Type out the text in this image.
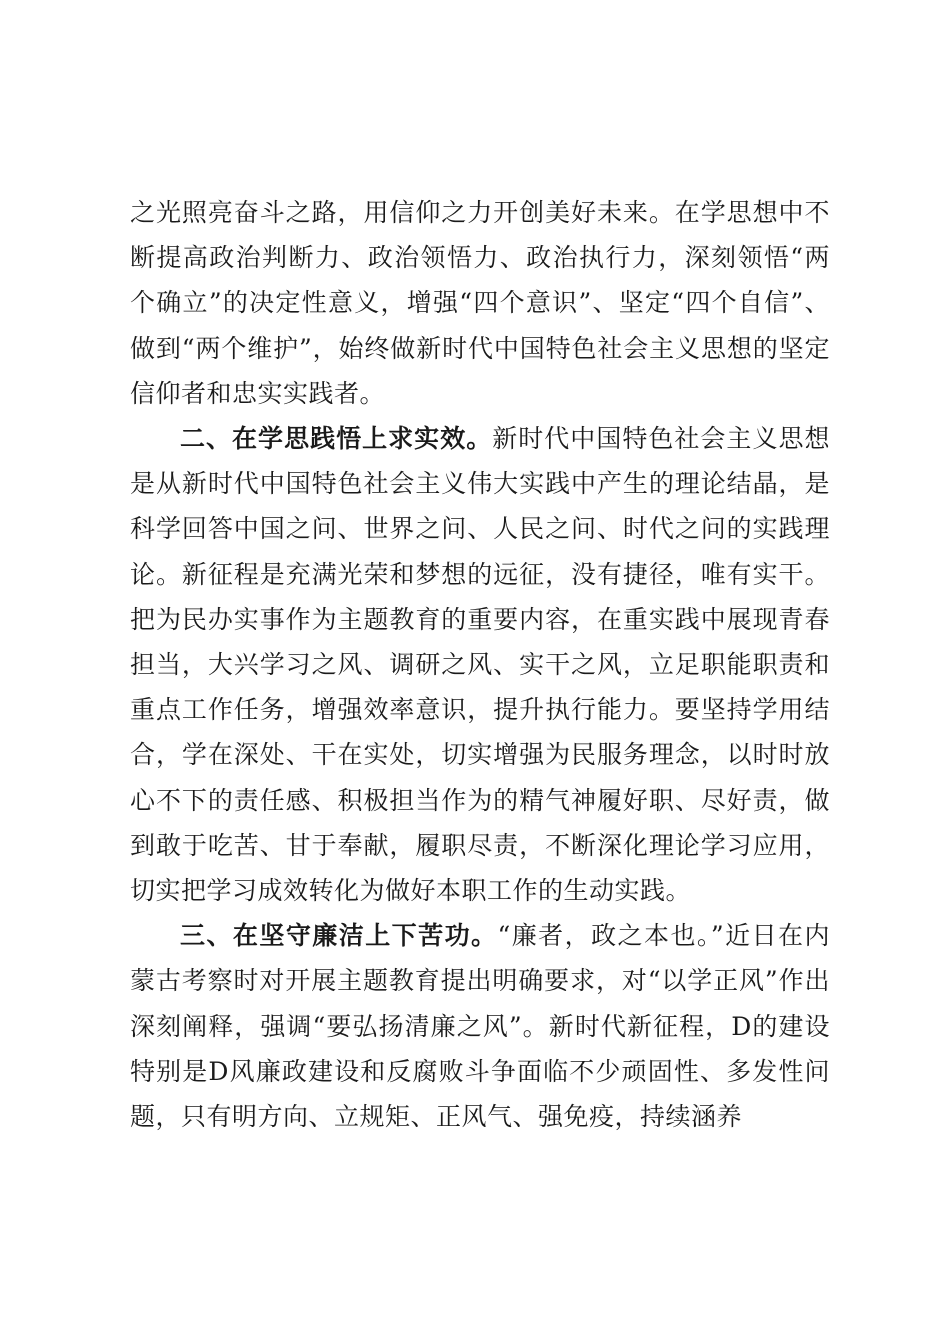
之光照亮奋斗之路，用信仰之力开创美好未来。在学思想中不断提高政治判断力、政治领悟力、政治执行力，深刻领悟“两个确立”的决定性意义，增强“四个意识”、坚定“四个自信”、做到“两个维护”，始终做新时代中国特色社会主义思想的坚定信仰者和忠实实践者。

二、在学思践悟上求实效。新时代中国特色社会主义思想是从新时代中国特色社会主义伟大实践中产生的理论结晶，是科学回答中国之问、世界之问、人民之问、时代之问的实践理论。新征程是充满光荣和梦想的远征，没有捷径，唯有实干。把为民办实事作为主题教育的重要内容，在重实践中展现青春担当，大兴学习之风、调研之风、实干之风，立足职能职责和重点工作任务，增强效率意识，提升执行能力。要坚持学用结合，学在深处、干在实处，切实增强为民服务理念，以时时放心不下的责任感、积极担当作为的精气神履好职、尽好责，做到敢于吃苦、甘于奉献，履职尽责，不断深化理论学习应用，切实把学习成效转化为做好本职工作的生动实践。

三、在坚守廉洁上下苦功。“廉者，政之本也。”近日在内蒙古考察时对开展主题教育提出明确要求，对“以学正风”作出深刻阐释，强调“要弘扬清廉之风”。新时代新征程，D的建设特别是D风廉政建设和反腐败斗争面临不少顽固性、多发性问题，只有明方向、立规矩、正风气、强免疫，持续涵养
